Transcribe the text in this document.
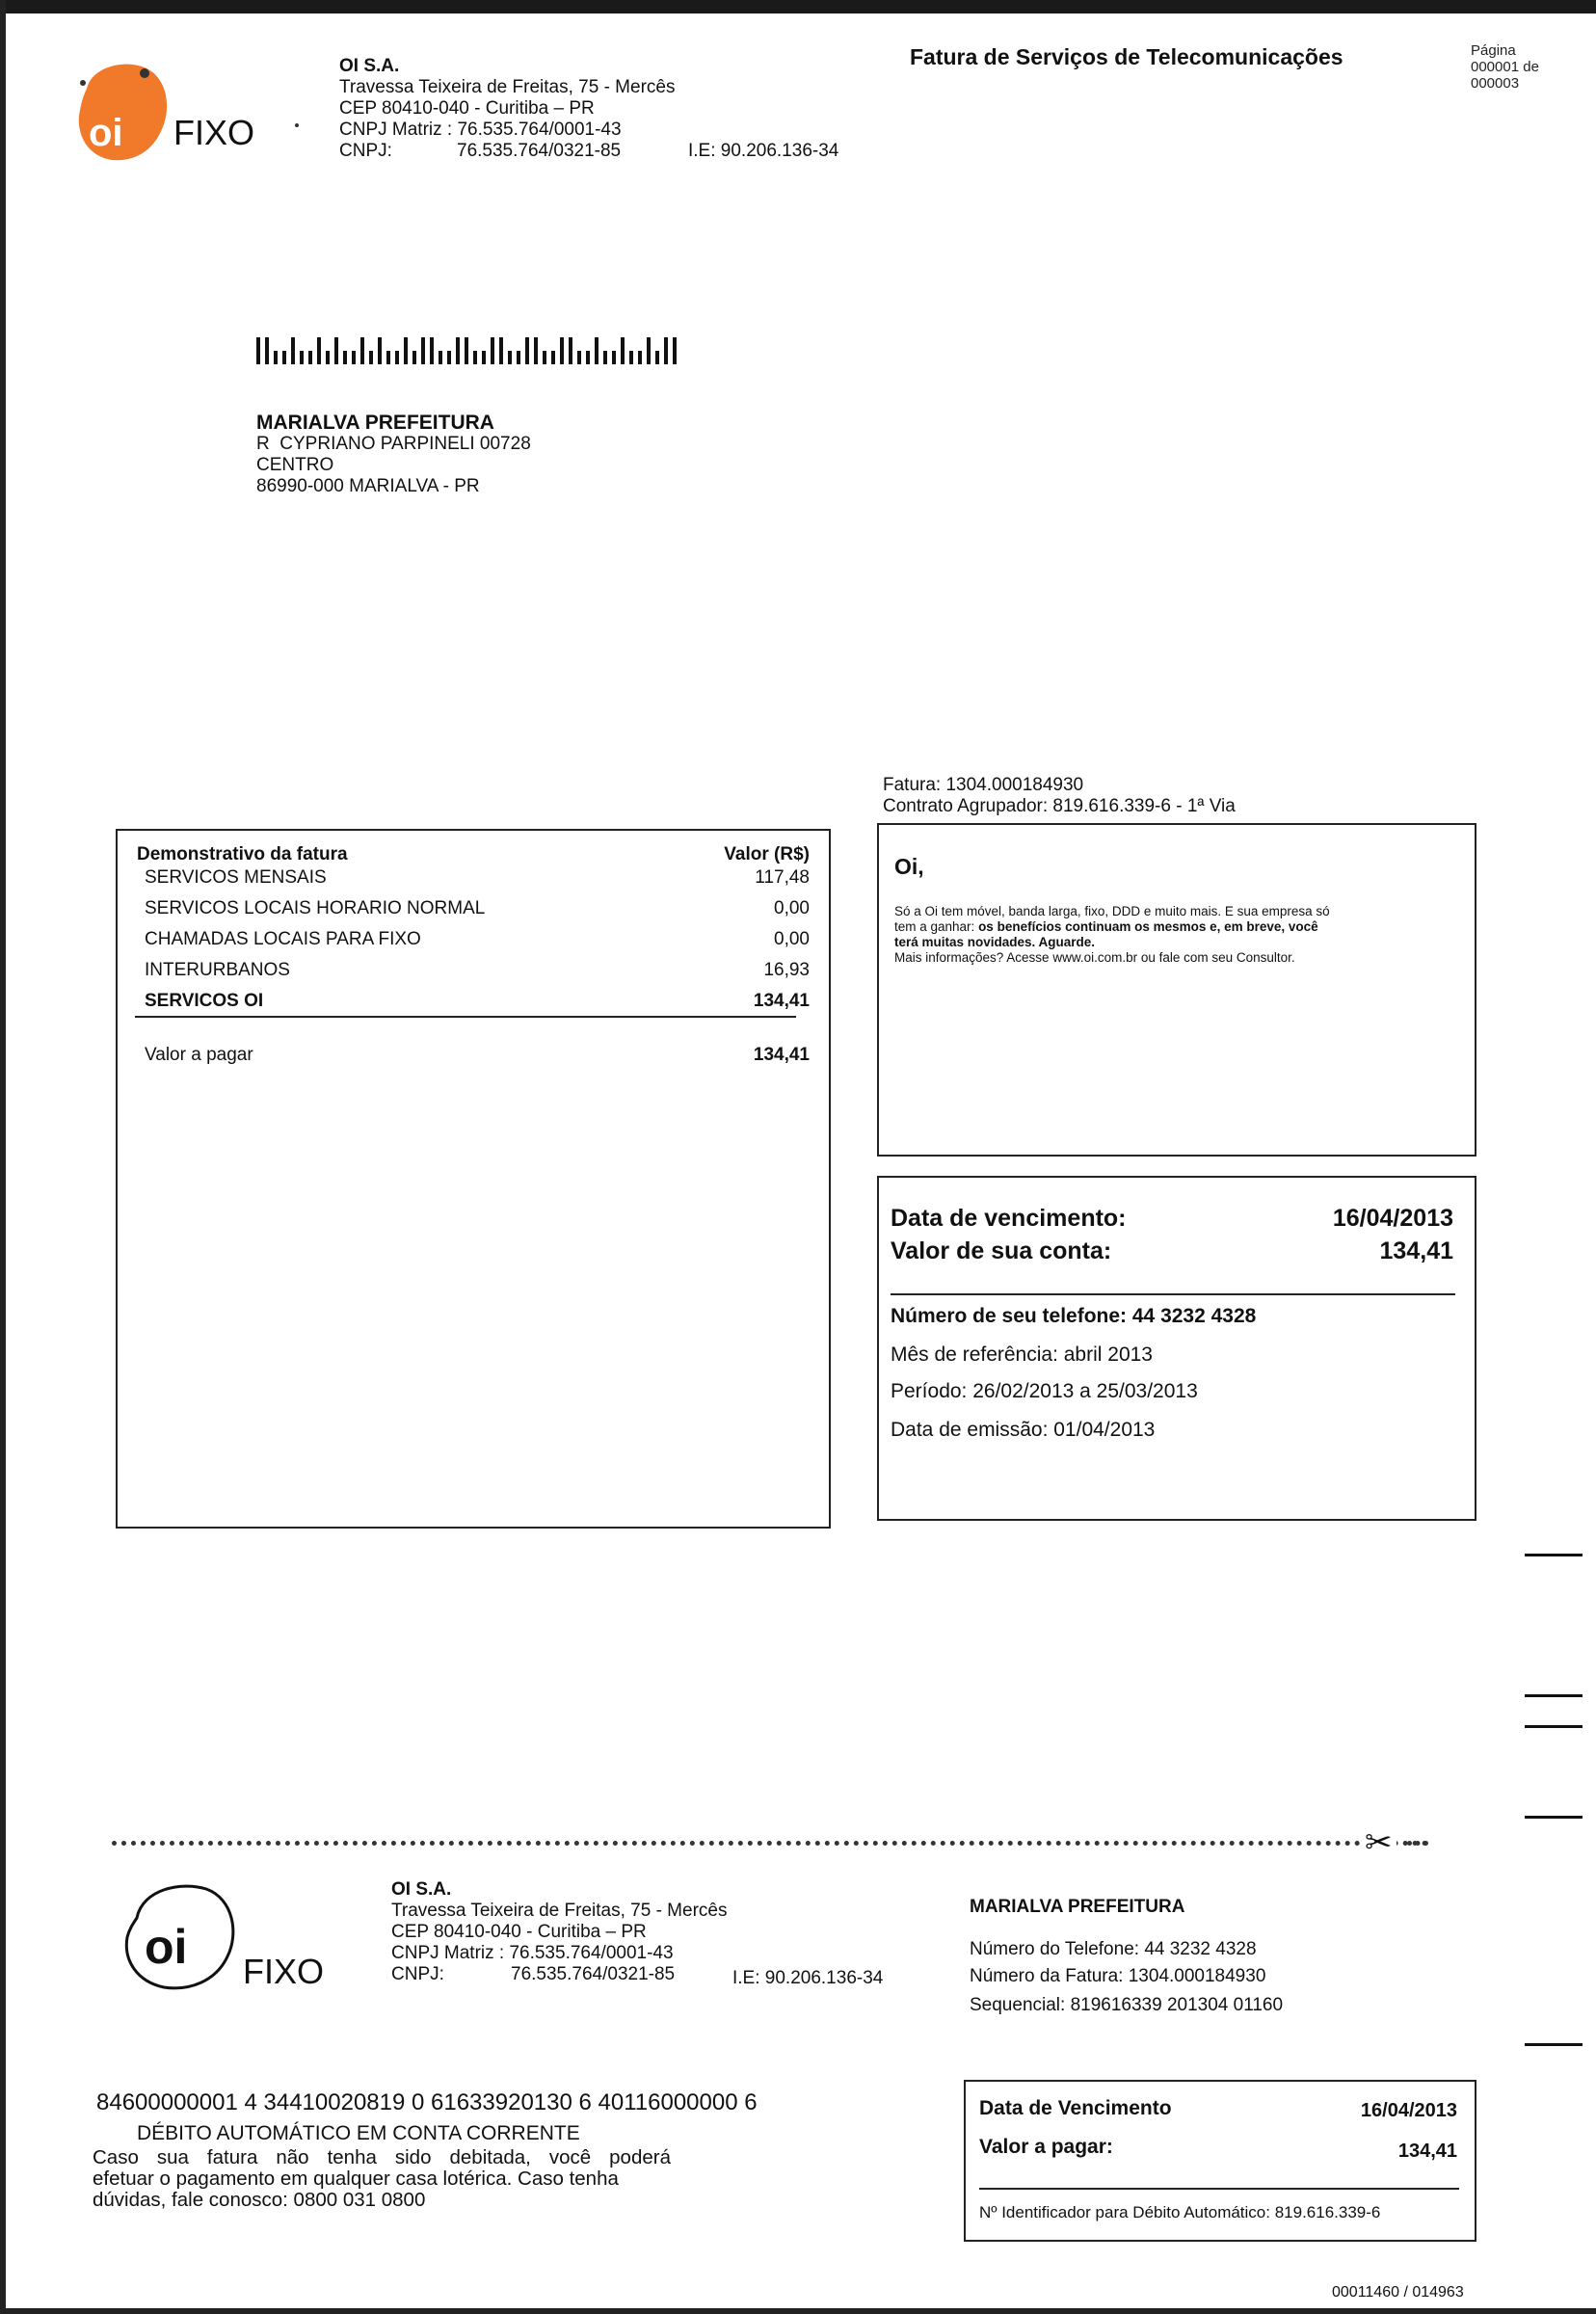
oi FIXO
OI S.A.
Travessa Teixeira de Freitas, 75 - Mercês
CEP 80410-040 - Curitiba – PR
CNPJ Matriz : 76.535.764/0001-43
CNPJ:	76.535.764/0321-85	I.E: 90.206.136-34
Fatura de Serviços de Telecomunicações	Página
000001 de
000003
MARIALVA PREFEITURA
R  CYPRIANO PARPINELI 00728
CENTRO
86990-000 MARIALVA - PR
Fatura: 1304.000184930
Contrato Agrupador: 819.616.339-6 - 1ª Via
Demonstrativo da fatura	Valor (R$)
SERVICOS MENSAIS	117,48
SERVICOS LOCAIS HORARIO NORMAL	0,00
CHAMADAS LOCAIS PARA FIXO	0,00
INTERURBANOS	16,93
SERVICOS OI	134,41
Valor a pagar	134,41
Oi,
Só a Oi tem móvel, banda larga, fixo, DDD e muito mais. E sua empresa só
tem a ganhar: os benefícios continuam os mesmos e, em breve, você
terá muitas novidades. Aguarde.
Mais informações? Acesse www.oi.com.br ou fale com seu Consultor.
Data de vencimento:	16/04/2013
Valor de sua conta:	134,41
Número de seu telefone: 44 3232 4328
Mês de referência: abril 2013
Período: 26/02/2013 a 25/03/2013
Data de emissão: 01/04/2013
✂
oi FIXO
OI S.A.
Travessa Teixeira de Freitas, 75 - Mercês
CEP 80410-040 - Curitiba – PR
CNPJ Matriz : 76.535.764/0001-43
CNPJ:	76.535.764/0321-85	I.E: 90.206.136-34
MARIALVA PREFEITURA
Número do Telefone: 44 3232 4328
Número da Fatura: 1304.000184930
Sequencial: 819616339 201304 01160
84600000001 4 34410020819 0 61633920130 6 40116000000 6
DÉBITO AUTOMÁTICO EM CONTA CORRENTE
Caso sua fatura não tenha sido debitada, você poderá
efetuar o pagamento em qualquer casa lotérica. Caso tenha
dúvidas, fale conosco: 0800 031 0800
Data de Vencimento	16/04/2013
Valor a pagar:	134,41
Nº Identificador para Débito Automático: 819.616.339-6
00011460 / 014963
